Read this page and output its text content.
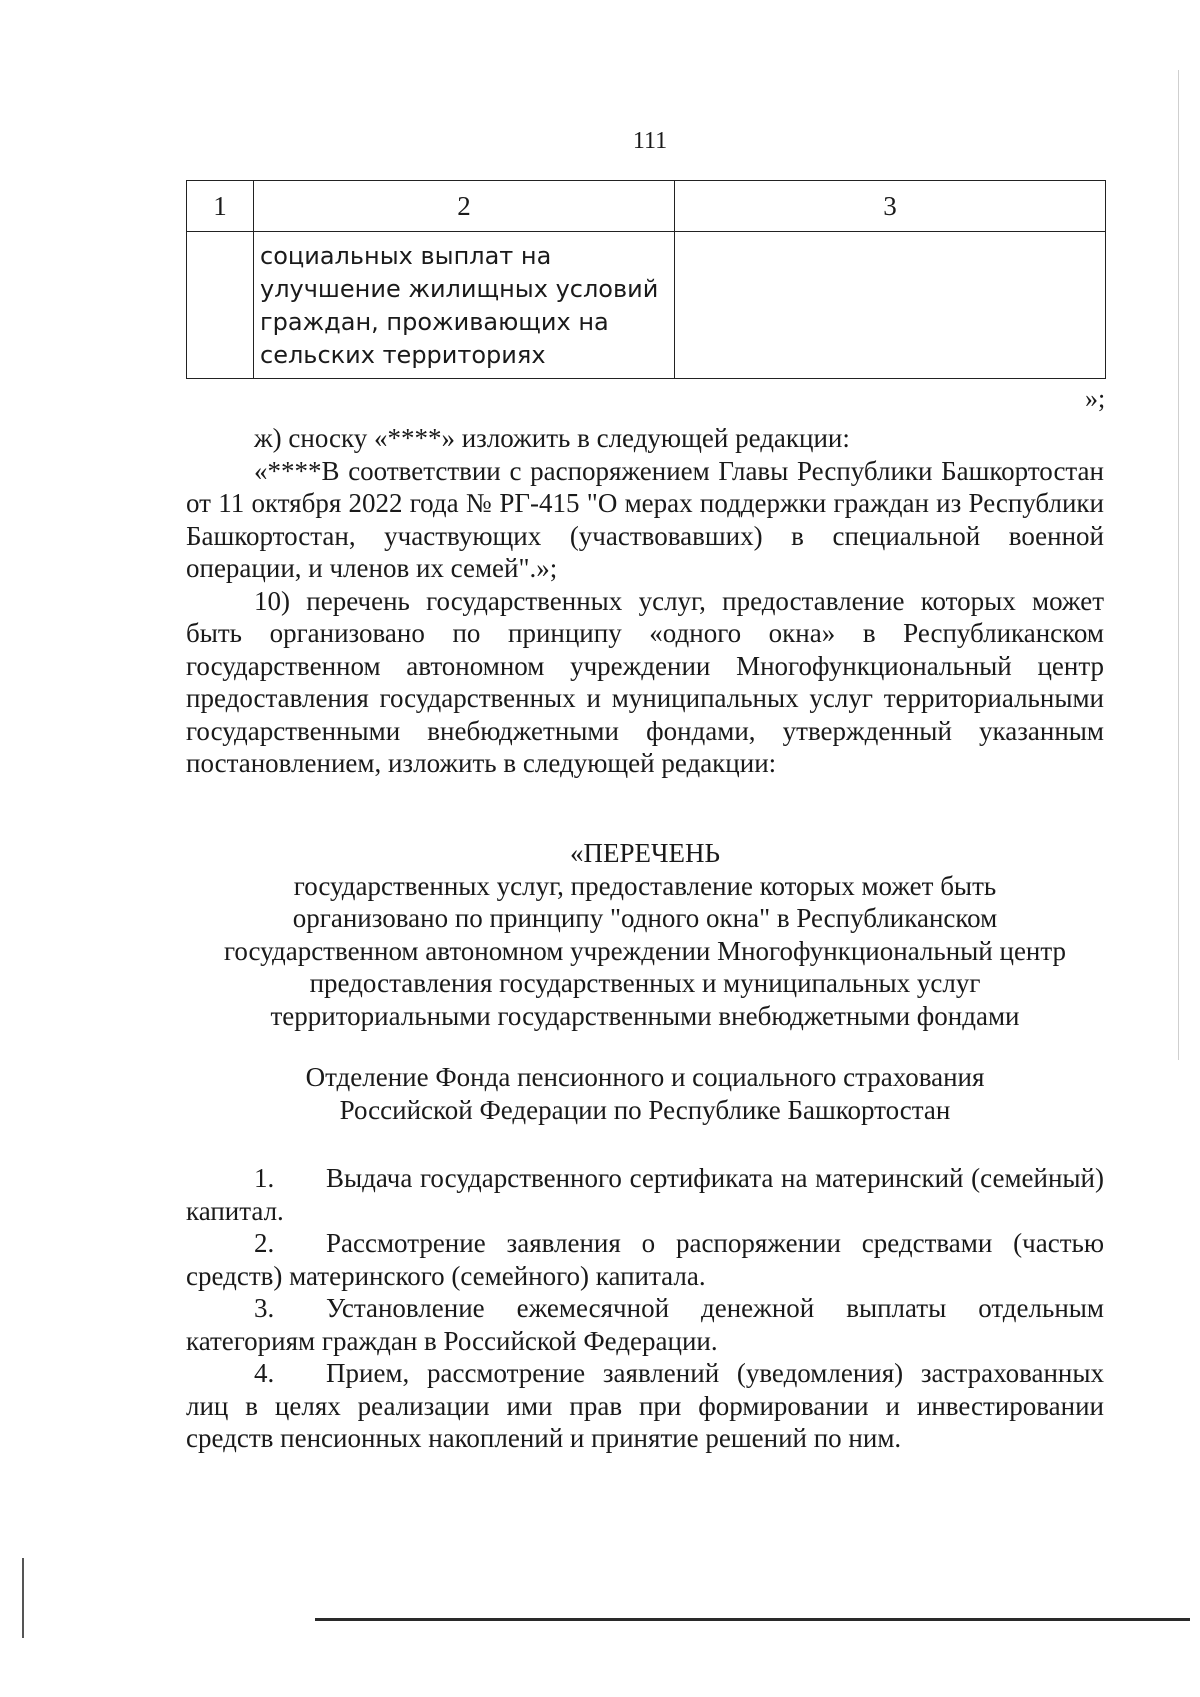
111
1	2	3

	социальных выплат на
улучшение жилищных условий
граждан, проживающих на
сельских территориях	

»;

ж) сноску «****» изложить в следующей редакции:

«****В соответствии с распоряжением Главы Республики Башкортостан от 11 октября 2022 года № РГ-415 "О мерах поддержки граждан из Республики Башкортостан, участвующих (участвовавших) в специальной военной операции, и членов их семей".»;

10) перечень государственных услуг, предоставление которых может быть организовано по принципу «одного окна» в Республиканском государственном автономном учреждении Многофункциональный центр предоставления государственных и муниципальных услуг территориальными государственными внебюджетными фондами, утвержденный указанным постановлением, изложить в следующей редакции:

«ПЕРЕЧЕНЬ

государственных услуг, предоставление которых может быть

организовано по принципу "одного окна" в Республиканском

государственном автономном учреждении Многофункциональный центр

предоставления государственных и муниципальных услуг

территориальными государственными внебюджетными фондами

Отделение Фонда пенсионного и социального страхования

Российской Федерации по Республике Башкортостан

1. Выдача государственного сертификата на материнский (семейный) капитал.

2. Рассмотрение заявления о распоряжении средствами (частью средств) материнского (семейного) капитала.

3. Установление ежемесячной денежной выплаты отдельным категориям граждан в Российской Федерации.

4. Прием, рассмотрение заявлений (уведомления) застрахованных лиц в целях реализации ими прав при формировании и инвестировании средств пенсионных накоплений и принятие решений по ним.
